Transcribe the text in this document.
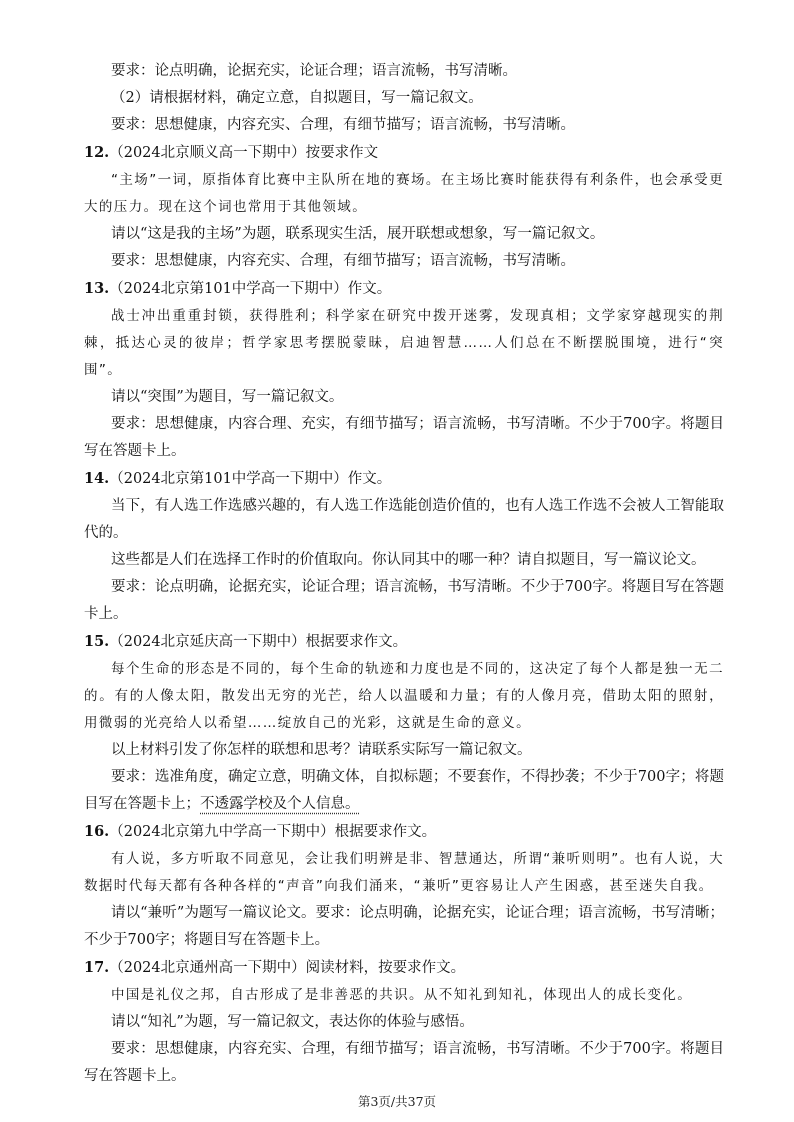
要求：论点明确，论据充实，论证合理；语言流畅，书写清晰。

（2）请根据材料，确定立意，自拟题目，写一篇记叙文。

要求：思想健康，内容充实、合理，有细节描写；语言流畅，书写清晰。

12.（2024北京顺义高一下期中）按要求作文

“主场”一词，原指体育比赛中主队所在地的赛场。在主场比赛时能获得有利条件，也会承受更大的压力。现在这个词也常用于其他领域。

请以“这是我的主场”为题，联系现实生活，展开联想或想象，写一篇记叙文。

要求：思想健康，内容充实、合理，有细节描写；语言流畅，书写清晰。

13.（2024北京第101中学高一下期中）作文。

战士冲出重重封锁，获得胜利；科学家在研究中拨开迷雾，发现真相；文学家穿越现实的荆棘，抵达心灵的彼岸；哲学家思考摆脱蒙昧，启迪智慧……人们总在不断摆脱围境，进行“突围”。

请以“突围”为题目，写一篇记叙文。

要求：思想健康，内容合理、充实，有细节描写；语言流畅，书写清晰。不少于700字。将题目写在答题卡上。

14.（2024北京第101中学高一下期中）作文。

当下，有人选工作选感兴趣的，有人选工作选能创造价值的，也有人选工作选不会被人工智能取代的。

这些都是人们在选择工作时的价值取向。你认同其中的哪一种？请自拟题目，写一篇议论文。

要求：论点明确，论据充实，论证合理；语言流畅，书写清晰。不少于700字。将题目写在答题卡上。

15.（2024北京延庆高一下期中）根据要求作文。

每个生命的形态是不同的，每个生命的轨迹和力度也是不同的，这决定了每个人都是独一无二的。有的人像太阳，散发出无穷的光芒，给人以温暖和力量；有的人像月亮，借助太阳的照射，用微弱的光亮给人以希望……绽放自己的光彩，这就是生命的意义。

以上材料引发了你怎样的联想和思考？请联系实际写一篇记叙文。

要求：选准角度，确定立意，明确文体，自拟标题；不要套作，不得抄袭；不少于700字；将题目写在答题卡上；不透露学校及个人信息。

16.（2024北京第九中学高一下期中）根据要求作文。

有人说，多方听取不同意见，会让我们明辨是非、智慧通达，所谓“兼听则明”。也有人说，大数据时代每天都有各种各样的“声音”向我们涌来，“兼听”更容易让人产生困惑，甚至迷失自我。

请以“兼听”为题写一篇议论文。要求：论点明确，论据充实，论证合理；语言流畅，书写清晰； 不少于700字；将题目写在答题卡上。

17.（2024北京通州高一下期中）阅读材料，按要求作文。

中国是礼仪之邦，自古形成了是非善恶的共识。从不知礼到知礼，体现出人的成长变化。

请以“知礼”为题，写一篇记叙文，表达你的体验与感悟。

要求：思想健康，内容充实、合理，有细节描写；语言流畅，书写清晰。不少于700字。将题目写在答题卡上。

第3页/共37页
